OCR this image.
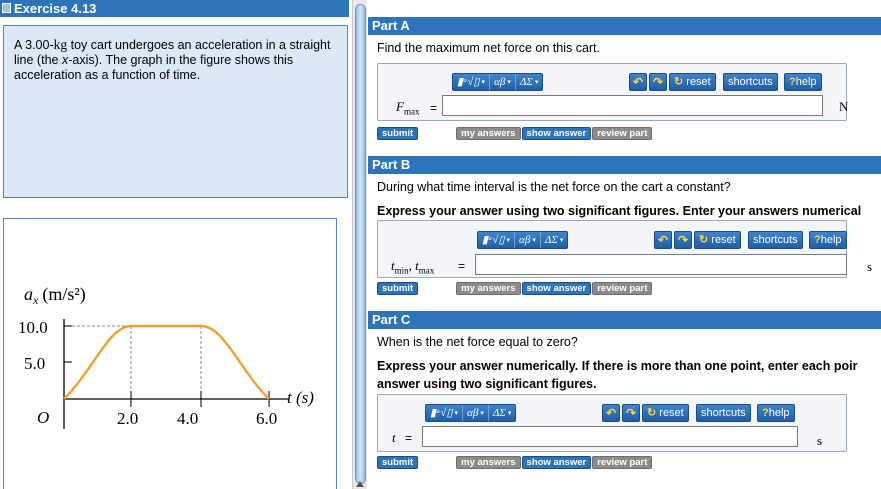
Exercise 4.13

A 3.00-kg toy cart undergoes an acceleration in a straight line (the x-axis). The graph in the figure shows this acceleration as a function of time.

$a_x$ (m/s²)
10.0
5.0
O	2.0 4.0	6.0
t (s)
Part A
Find the maximum net force on this cart.
▮ᵃ√▯ ▾ αβ ▾ ΔΣ ▾	↶ ↷ ↻ reset	shortcuts	?help
$F_{max}$ =	N
submit	my answers	show answer	review part
Part B
During what time interval is the net force on the cart a constant?
Express your answer using two significant figures. Enter your answers numerical
▮ᵃ√▯ ▾ αβ ▾ ΔΣ ▾	↶ ↷ ↻ reset	shortcuts	?help
$t_{min}$, $t_{max}$ =	s
submit	my answers	show answer	review part
Part C
When is the net force equal to zero?
Express your answer numerically. If there is more than one point, enter each poir
answer using two significant figures.
▮ᵃ√▯ ▾ αβ ▾ ΔΣ ▾	↶ ↷ ↻ reset	shortcuts	?help
t =	s
submit	my answers	show answer	review part
